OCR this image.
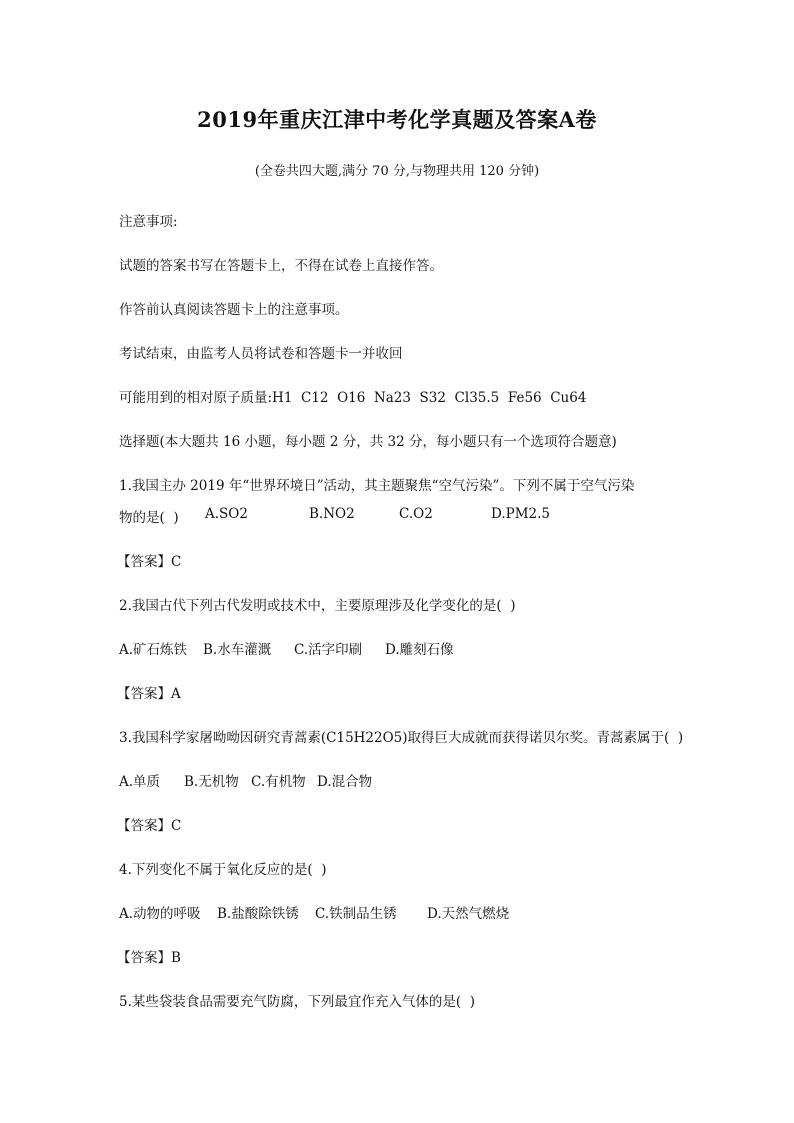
2019年重庆江津中考化学真题及答案A卷
(全卷共四大题,满分 70 分,与物理共用 120 分钟)
注意事项:
试题的答案书写在答题卡上，不得在试卷上直接作答。
作答前认真阅读答题卡上的注意事项。
考试结束，由监考人员将试卷和答题卡一并收回
可能用到的相对原子质量:H1  C12  O16  Na23  S32  Cl35.5  Fe56  Cu64
选择题(本大题共 16 小题，每小题 2 分，共 32 分，每小题只有一个选项符合题意)
1.我国主办 2019 年“世界环境日”活动，其主题聚焦“空气污染”。下列不属于空气污染
物的是(  )	A.SO2	B.NO2	C.O2	D.PM2.5
【答案】C
2.我国古代下列古代发明或技术中，主要原理涉及化学变化的是(  )
A.矿石炼铁	B.水车灌溉	C.活字印刷	D.雕刻石像
【答案】A
3.我国科学家屠呦呦因研究青蒿素(C15H22O5)取得巨大成就而获得诺贝尔奖。青蒿素属于(  )
A.单质	B.无机物 C.有机物 D.混合物
【答案】C
4.下列变化不属于氧化反应的是(  )
A.动物的呼吸	B.盐酸除铁锈	C.铁制品生锈	D.天然气燃烧
【答案】B
5.某些袋装食品需要充气防腐，下列最宜作充入气体的是(  )
